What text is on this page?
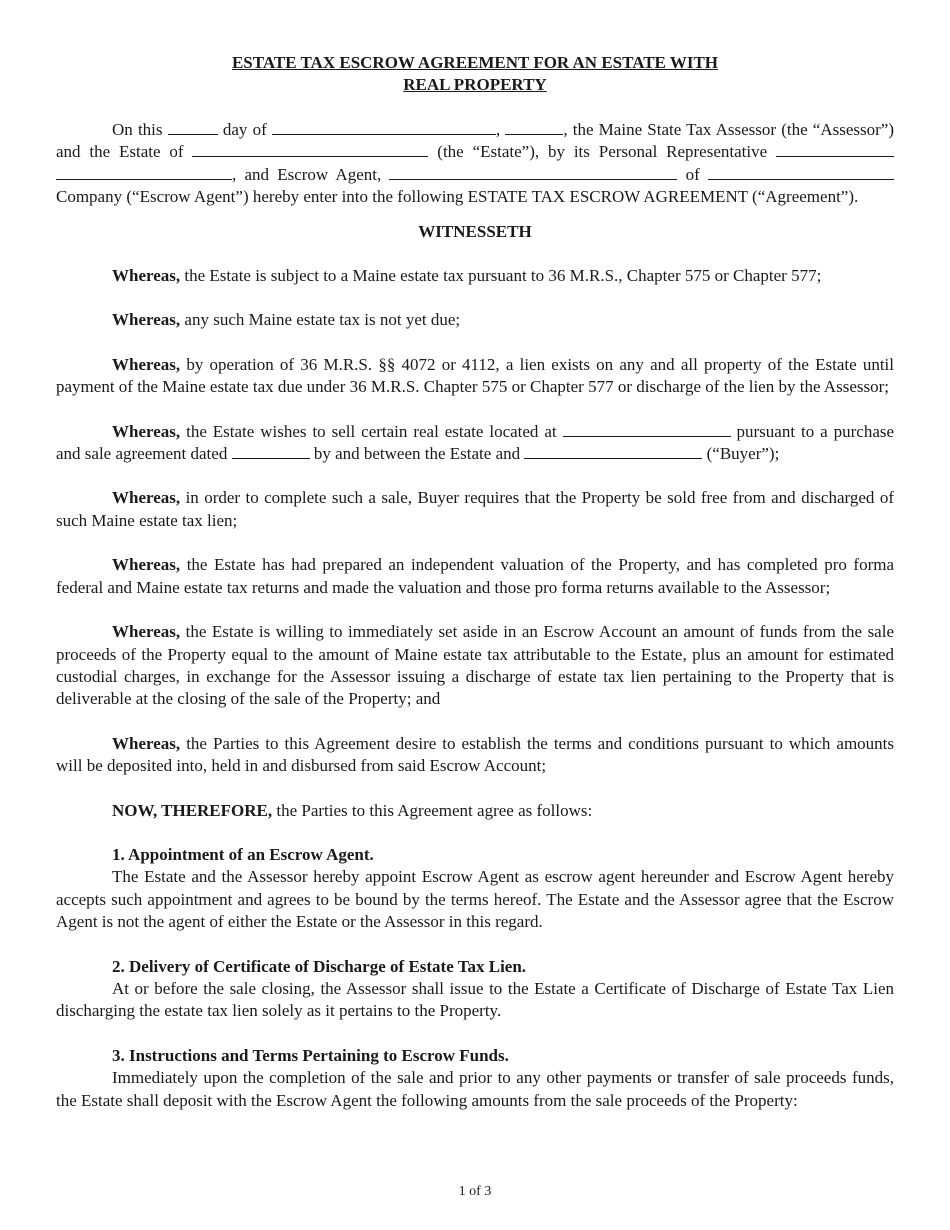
ESTATE TAX ESCROW AGREEMENT FOR AN ESTATE WITH
REAL PROPERTY

On this	day of	,	, the Maine State Tax Assessor (the “Assessor”) and the Estate of	(the “Estate”), by its Personal Representative  , and Escrow Agent,	of  Company (“Escrow Agent”) hereby enter into the following ESTATE TAX ESCROW AGREEMENT (“Agreement”).

WITNESSETH

Whereas, the Estate is subject to a Maine estate tax pursuant to 36 M.R.S., Chapter 575 or Chapter 577;

Whereas, any such Maine estate tax is not yet due;

Whereas, by operation of 36 M.R.S. §§ 4072 or 4112, a lien exists on any and all property of the Estate until payment of the Maine estate tax due under 36 M.R.S. Chapter 575 or Chapter 577 or discharge of the lien by the Assessor;

Whereas, the Estate wishes to sell certain real estate located at	pursuant to a purchase and sale agreement dated	by and between the Estate and	(“Buyer”);

Whereas, in order to complete such a sale, Buyer requires that the Property be sold free from and discharged of such Maine estate tax lien;

Whereas, the Estate has had prepared an independent valuation of the Property, and has completed pro forma federal and Maine estate tax returns and made the valuation and those pro forma returns available to the Assessor;

Whereas, the Estate is willing to immediately set aside in an Escrow Account an amount of funds from the sale proceeds of the Property equal to the amount of Maine estate tax attributable to the Estate, plus an amount for estimated custodial charges, in exchange for the Assessor issuing a discharge of estate tax lien pertaining to the Property that is deliverable at the closing of the sale of the Property; and

Whereas, the Parties to this Agreement desire to establish the terms and conditions pursuant to which amounts will be deposited into, held in and disbursed from said Escrow Account;

NOW, THEREFORE, the Parties to this Agreement agree as follows:

1. Appointment of an Escrow Agent.

The Estate and the Assessor hereby appoint Escrow Agent as escrow agent hereunder and Escrow Agent hereby accepts such appointment and agrees to be bound by the terms hereof. The Estate and the Assessor agree that the Escrow Agent is not the agent of either the Estate or the Assessor in this regard.

2. Delivery of Certificate of Discharge of Estate Tax Lien.

At or before the sale closing, the Assessor shall issue to the Estate a Certificate of Discharge of Estate Tax Lien discharging the estate tax lien solely as it pertains to the Property.

3. Instructions and Terms Pertaining to Escrow Funds.

Immediately upon the completion of the sale and prior to any other payments or transfer of sale proceeds funds, the Estate shall deposit with the Escrow Agent the following amounts from the sale proceeds of the Property:

1 of 3
